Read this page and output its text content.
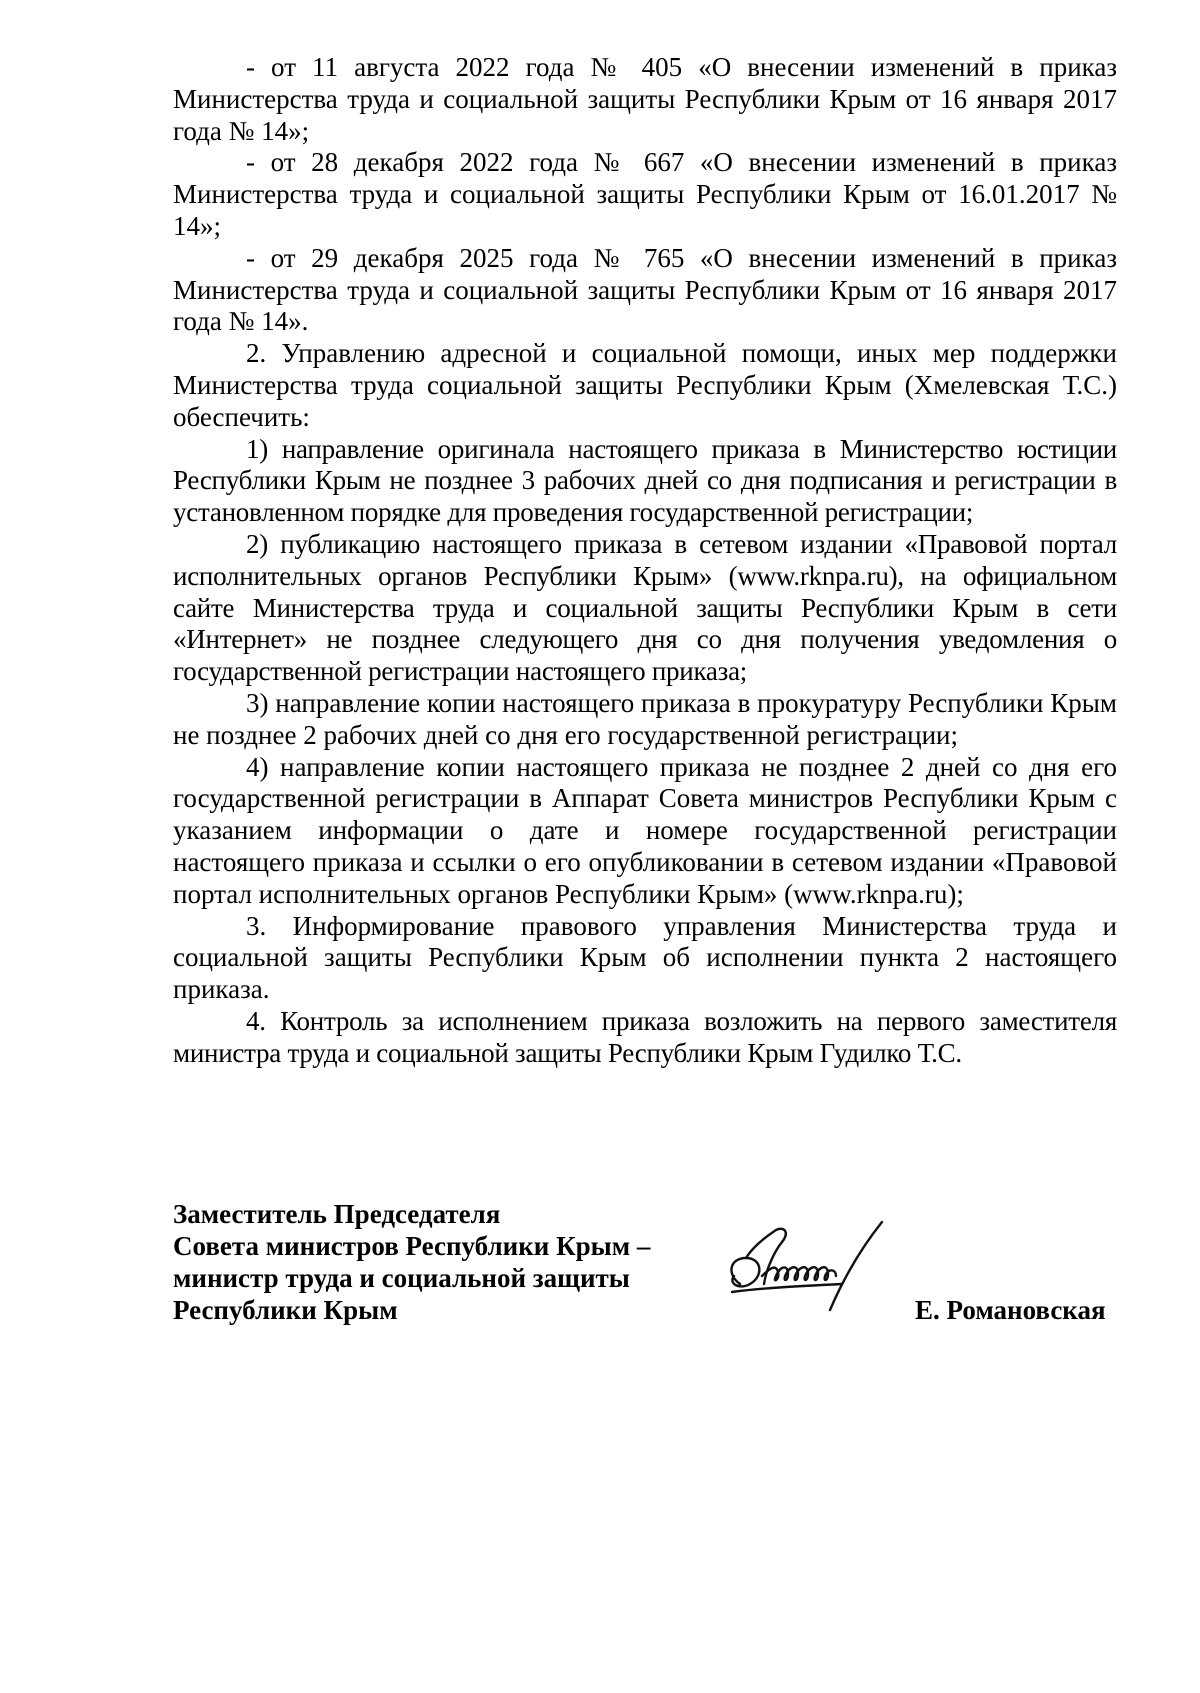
- от 11 августа 2022 года № 405 «О внесении изменений в приказ Министерства труда и социальной защиты Республики Крым от 16 января 2017 года № 14»;

- от 28 декабря 2022 года № 667 «О внесении изменений в приказ Министерства труда и социальной защиты Республики Крым от 16.01.2017 № 14»;

- от 29 декабря 2025 года № 765 «О внесении изменений в приказ Министерства труда и социальной защиты Республики Крым от 16 января 2017 года № 14».

2. Управлению адресной и социальной помощи, иных мер поддержки Министерства труда социальной защиты Республики Крым (Хмелевская Т.С.) обеспечить:

1) направление оригинала настоящего приказа в Министерство юстиции Республики Крым не позднее 3 рабочих дней со дня подписания и регистрации в установленном порядке для проведения государственной регистрации;

2) публикацию настоящего приказа в сетевом издании «Правовой портал исполнительных органов Республики Крым» (www.rknpa.ru), на официальном сайте Министерства труда и социальной защиты Республики Крым в сети «Интернет» не позднее следующего дня со дня получения уведомления о государственной регистрации настоящего приказа;

3) направление копии настоящего приказа в прокуратуру Республики Крым не позднее 2 рабочих дней со дня его государственной регистрации;

4) направление копии настоящего приказа не позднее 2 дней со дня его государственной регистрации в Аппарат Совета министров Республики Крым с указанием информации о дате и номере государственной регистрации настоящего приказа и ссылки о его опубликовании в сетевом издании «Правовой портал исполнительных органов Республики Крым» (www.rknpa.ru);

3. Информирование правового управления Министерства труда и социальной защиты Республики Крым об исполнении пункта 2 настоящего приказа.

4. Контроль за исполнением приказа возложить на первого заместителя министра труда и социальной защиты Республики Крым Гудилко Т.С.

Заместитель Председателя
Совета министров Республики Крым –
министр труда и социальной защиты
Республики Крым	Е. Романовская
